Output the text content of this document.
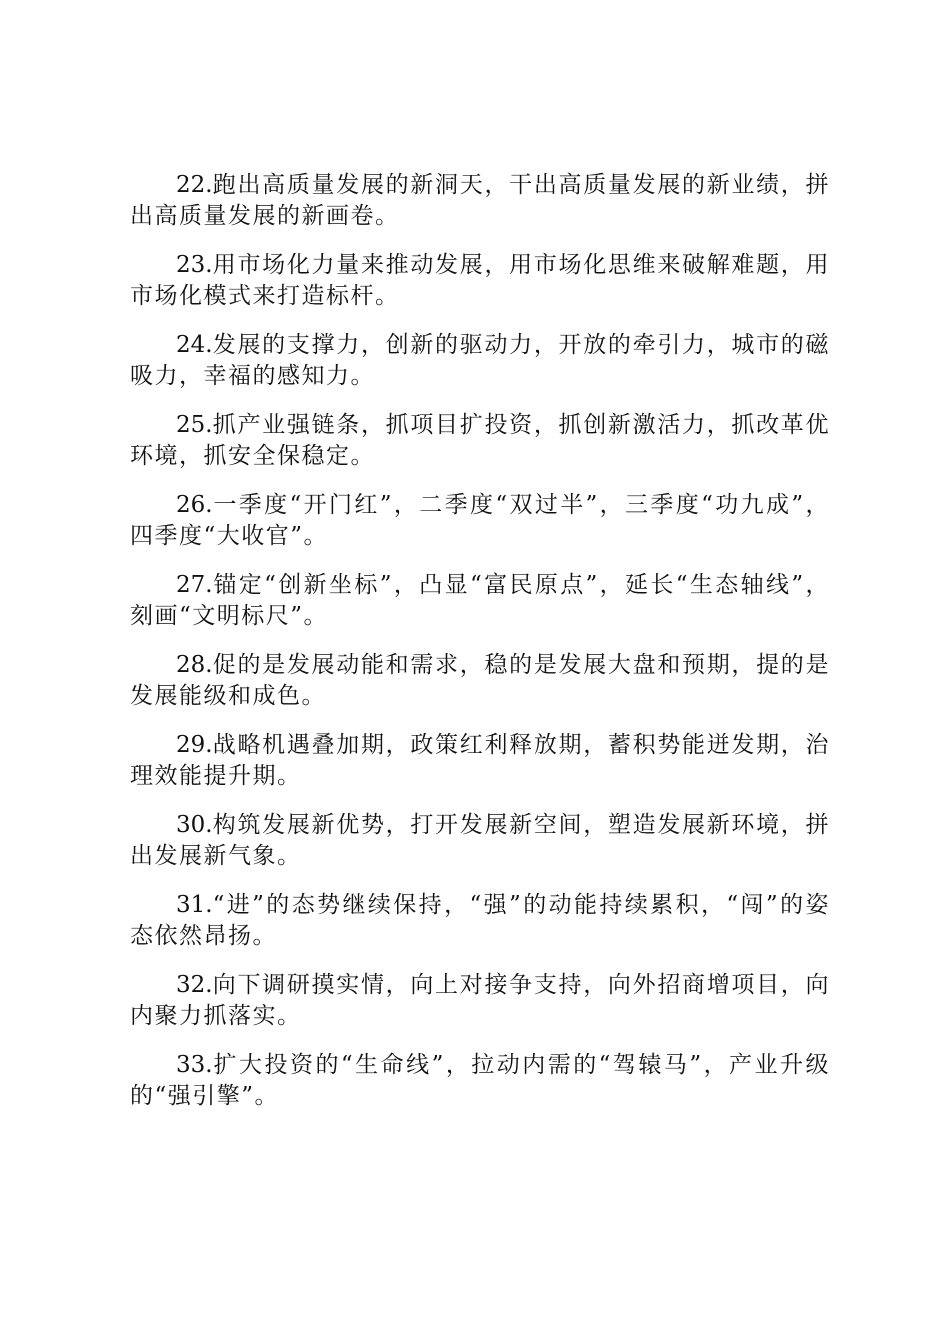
22.跑出高质量发展的新洞天，干出高质量发展的新业绩，拼出高质量发展的新画卷。

23.用市场化力量来推动发展，用市场化思维来破解难题，用市场化模式来打造标杆。

24.发展的支撑力，创新的驱动力，开放的牵引力，城市的磁吸力，幸福的感知力。

25.抓产业强链条，抓项目扩投资，抓创新激活力，抓改革优环境，抓安全保稳定。

26.一季度“开门红”，二季度“双过半”，三季度“功九成”，四季度“大收官”。

27.锚定“创新坐标”，凸显“富民原点”，延长“生态轴线”，刻画“文明标尺”。

28.促的是发展动能和需求，稳的是发展大盘和预期，提的是发展能级和成色。

29.战略机遇叠加期，政策红利释放期，蓄积势能迸发期，治理效能提升期。

30.构筑发展新优势，打开发展新空间，塑造发展新环境，拼出发展新气象。

31.“进”的态势继续保持，“强”的动能持续累积，“闯”的姿态依然昂扬。

32.向下调研摸实情，向上对接争支持，向外招商增项目，向内聚力抓落实。

33.扩大投资的“生命线”，拉动内需的“驾辕马”，产业升级的“强引擎”。
